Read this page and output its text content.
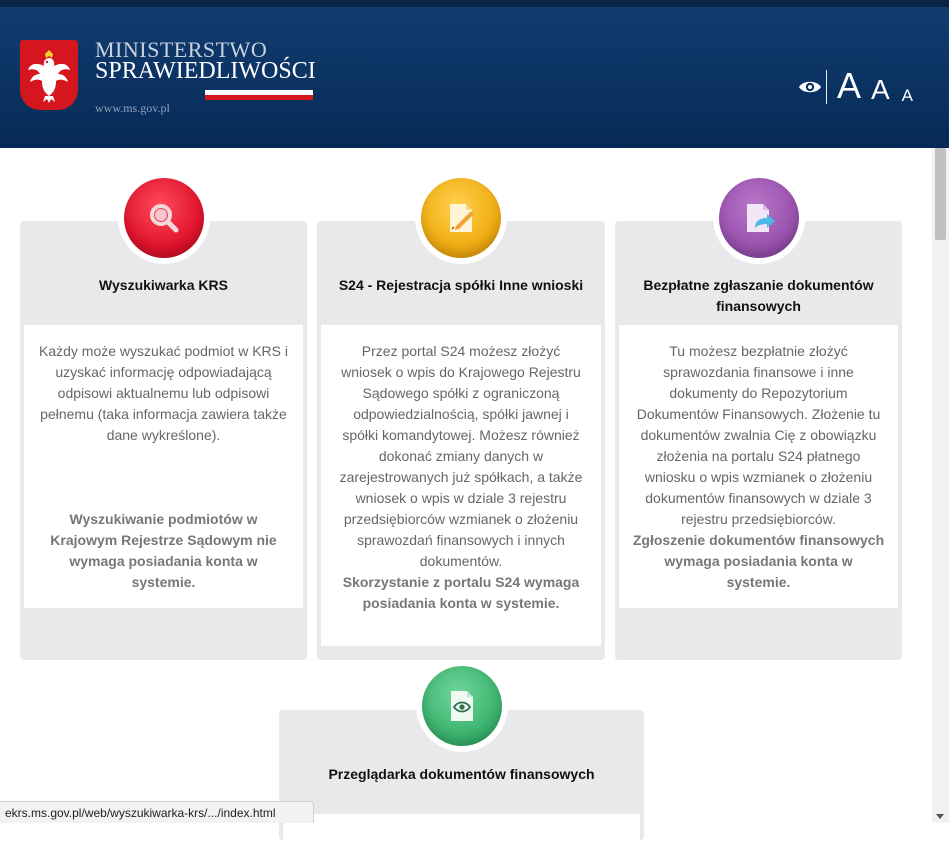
MINISTERSTWO
SPRAWIEDLIWOŚCI
www.ms.gov.pl
A A A
Wyszukiwarka KRS
Każdy może wyszukać podmiot w KRS i uzyskać informację odpowiadającą odpisowi aktualnemu lub odpisowi pełnemu (taka informacja zawiera także dane wykreślone).
Wyszukiwanie podmiotów w Krajowym Rejestrze Sądowym nie wymaga posiadania konta w systemie.
S24 - Rejestracja spółki Inne wnioski
Przez portal S24 możesz złożyć wniosek o wpis do Krajowego Rejestru Sądowego spółki z ograniczoną odpowiedzialnością, spółki jawnej i spółki komandytowej. Możesz również dokonać zmiany danych w zarejestrowanych już spółkach, a także wniosek o wpis w dziale 3 rejestru przedsiębiorców wzmianek o złożeniu sprawozdań finansowych i innych dokumentów.
Skorzystanie z portalu S24 wymaga posiadania konta w systemie.
Bezpłatne zgłaszanie dokumentów finansowych
Tu możesz bezpłatnie złożyć sprawozdania finansowe i inne dokumenty do Repozytorium Dokumentów Finansowych. Złożenie tu dokumentów zwalnia Cię z obowiązku złożenia na portalu S24 płatnego wniosku o wpis wzmianek o złożeniu dokumentów finansowych w dziale 3 rejestru przedsiębiorców.
Zgłoszenie dokumentów finansowych wymaga posiadania konta w systemie.
Przeglądarka dokumentów finansowych
ekrs.ms.gov.pl/web/wyszukiwarka-krs/.../index.html
